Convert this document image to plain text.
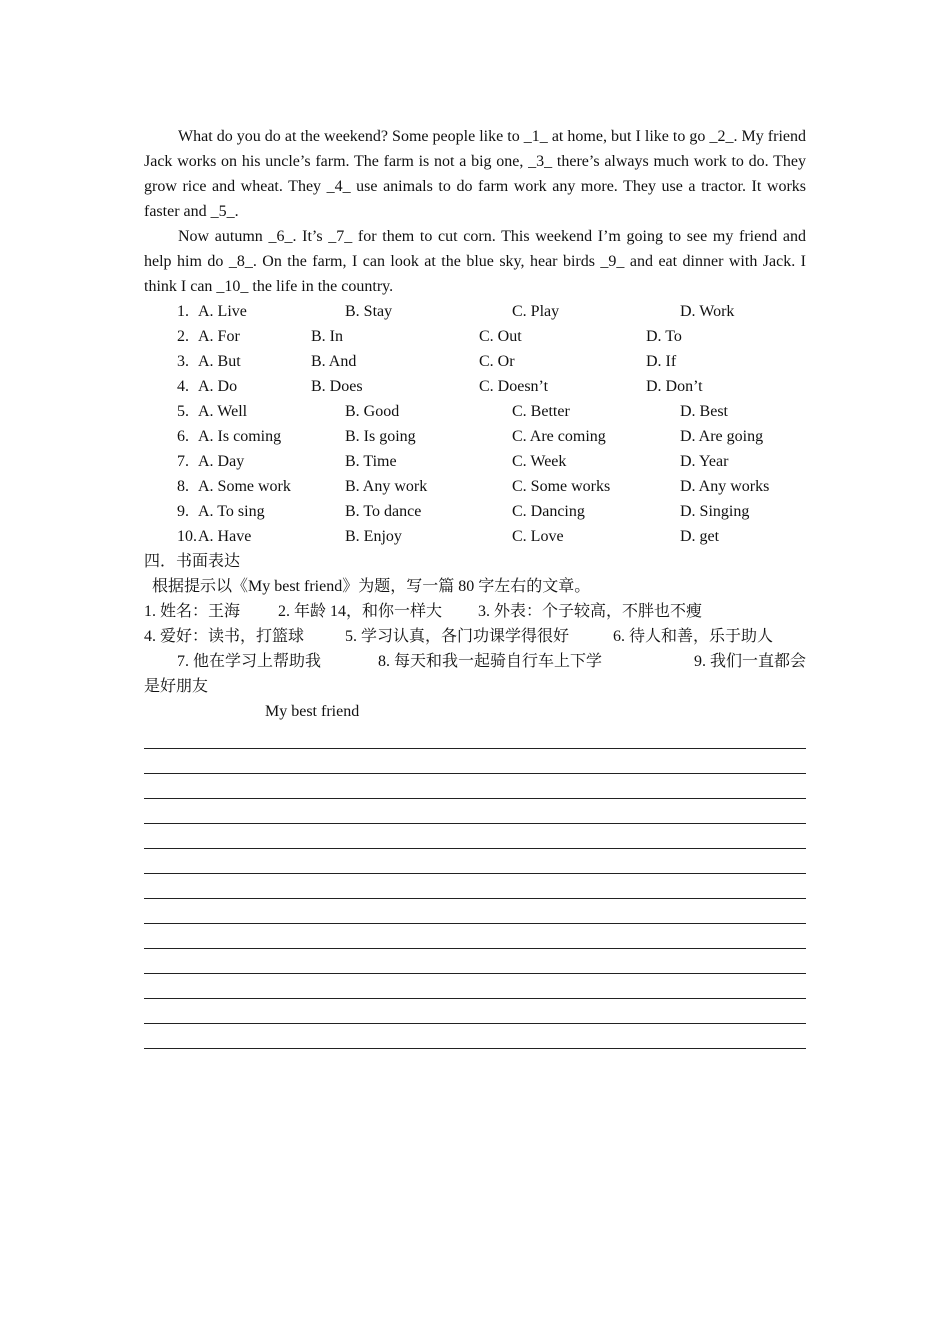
What do you do at the weekend? Some people like to _1_ at home, but I like to go _2_. My friend Jack works on his uncle’s farm. The farm is not a big one, _3_ there’s always much work to do. They grow rice and wheat. They _4_ use animals to do farm work any more. They use a tractor. It works faster and _5_.

Now autumn _6_. It’s _7_ for them to cut corn. This weekend I’m going to see my friend and help him do _8_. On the farm, I can look at the blue sky, hear birds _9_ and eat dinner with Jack. I think I can _10_ the life in the country.

1. A. Live	B. Stay	C. Play	D. Work
2. A. For	B. In	C. Out	D. To
3. A. But	B. And	C. Or	D. If
4. A. Do	B. Does	C. Doesn’t	D. Don’t
5. A. Well	B. Good	C. Better	D. Best
6. A. Is coming	B. Is going	C. Are coming	D. Are going
7. A. Day	B. Time	C. Week	D. Year
8. A. Some work	B. Any work	C. Some works	D. Any works
9. A. To sing	B. To dance	C. Dancing	D. Singing
10. A. Have	B. Enjoy	C. Love	D. get
四．书面表达
根据提示以《My best friend》为题，写一篇 80 字左右的文章。
1. 姓名：王海 2. 年龄 14，和你一样大 3. 外表：个子较高，不胖也不瘦
4. 爱好：读书，打篮球	5. 学习认真，各门功课学得很好	6. 待人和善，乐于助人
7. 他在学习上帮助我	8. 每天和我一起骑自行车上下学	9. 我们一直都会
是好朋友
My best friend
